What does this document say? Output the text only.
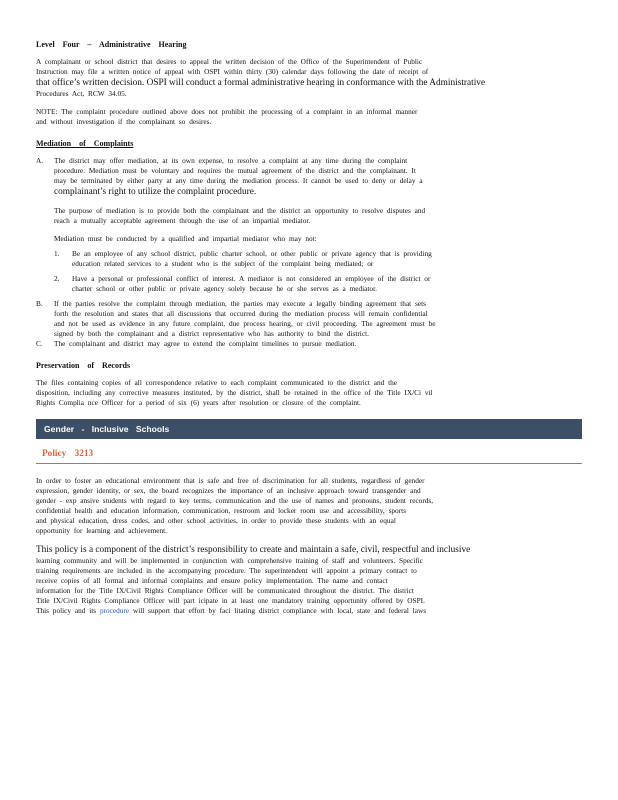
Level Four – Administrative Hearing

A complainant or school district that desires to appeal the written decision of the Office of the Superintendent of Public

Instruction may file a written notice of appeal with OSPI within thirty (30) calendar days following the date of receipt of

that office’s written decision. OSPI will conduct a formal administrative hearing in conformance with the Administrative

Procedures Act, RCW 34.05.

NOTE: The complaint procedure outlined above does not prohibit the processing of a complaint in an informal manner

and without investigation if the complainant so desires.

Mediation of Complaints

A.	The district may offer mediation, at its own expense, to resolve a complaint at any time during the complaint

procedure. Mediation must be voluntary and requires the mutual agreement of the district and the complainant. It

may be terminated by either party at any time during the mediation process. It cannot be used to deny or delay a

complainant’s right to utilize the complaint procedure.

The purpose of mediation is to provide both the complainant and the district an opportunity to resolve disputes and

reach a mutually acceptable agreement through the use of an impartial mediator.

Mediation must be conducted by a qualified and impartial mediator who may not:

1.	Be an employee of any school district, public charter school, or other public or private agency that is providing

education related services to a student who is the subject of the complaint being mediated; or

2.	Have a personal or professional conflict of interest. A mediator is not considered an employee of the district or

charter school or other public or private agency solely because he or she serves as a mediator.

B.	If the parties resolve the complaint through mediation, the parties may execute a legally binding agreement that sets

forth the resolution and states that all discussions that occurred during the mediation process will remain confidential

and not be used as evidence in any future complaint, due process hearing, or civil proceeding. The agreement must be

signed by both the complainant and a district representative who has authority to bind the district.

C.	The complainant and district may agree to extend the complaint timelines to pursue mediation.

Preservation of Records

The files containing copies of all correspondence relative to each complaint communicated to the district and the

disposition, including any corrective measures instituted, by the district, shall be retained in the office of the Title IX/Ci vil

Rights Complia nce Officer for a period of six (6) years after resolution or closure of the complaint.

Gender - Inclusive Schools
Policy 3213

In order to foster an educational environment that is safe and free of discrimination for all students, regardless of gender

expression, gender identity, or sex, the board recognizes the importance of an inclusive approach toward transgender and

gender - exp ansive students with regard to key terms, communication and the use of names and pronouns, student records,

confidential health and education information, communication, restroom and locker room use and accessibility, sports

and physical education, dress codes, and other school activities, in order to provide these students with an equal

opportunity for learning and achievement.

This policy is a component of the district’s responsibility to create and maintain a safe, civil, respectful and inclusive

learning community and will be implemented in conjunction with comprehensive training of staff and volunteers. Specific

training requirements are included in the accompanying procedure. The superintendent will appoint a primary contact to

receive copies of all formal and informal complaints and ensure policy implementation. The name and contact

information for the Title IX/Civil Rights Compliance Officer will be communicated throughout the district. The district

Title IX/Civil Rights Compliance Officer will part icipate in at least one mandatory training opportunity offered by OSPI.

This policy and its procedure will support that effort by faci litating district compliance with local, state and federal laws
